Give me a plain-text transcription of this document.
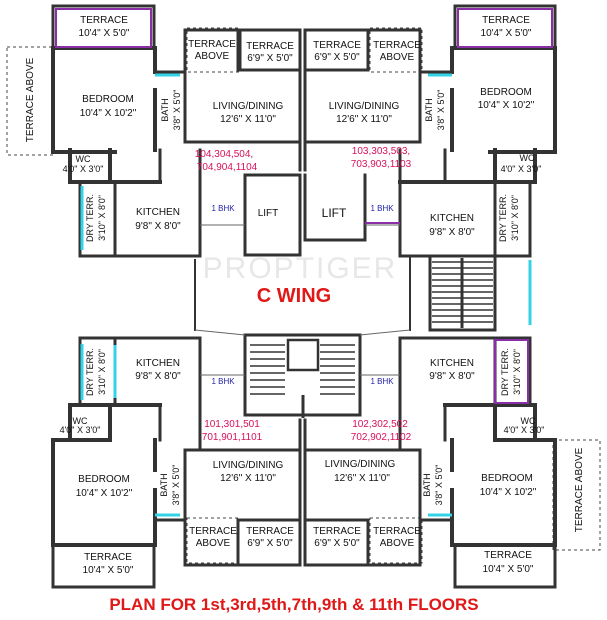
PROPTIGER
TERRACE
10'4" X 5'0"
TERRACE
10'4" X 5'0"
TERRACE
ABOVE
TERRACE
6'9" X 5'0"
TERRACE
6'9" X 5'0"
TERRACE
ABOVE
TERRACE ABOVE	BEDROOM
10'4" X 10'2"	BATH 3'8" X 5'0"	LIVING/DINING
12'6" X 11'0"
104,304,504,
704,904,1104
WC
4'0" X 3'0"
DRY TERR. 3'10" X 8'0"	KITCHEN
9'8" X 8'0"
1 BHK LIFT
BEDROOM
10'4" X 10'2"
BATH 3'8" X 5'0"
LIVING/DINING
12'6" X 11'0"
103,303,503,
703,903,1103
WC
4'0" X 3'0"
DRY TERR. 3'10" X 8'0"
KITCHEN
9'8" X 8'0"
1 BHK
LIFT
C WING
DRY TERR. 3'10" X 8'0"	KITCHEN
9'8" X 8'0"	1 BHK
WC
4'0" X 3'0"	101,301,501
701,901,1101
BEDROOM
10'4" X 10'2"	BATH 3'8" X 5'0"	LIVING/DINING
12'6" X 11'0"
TERRACE
ABOVE
TERRACE
6'9" X 5'0"
TERRACE
10'4" X 5'0"
KITCHEN
9'8" X 8'0"	DRY TERR. 3'10" X 8'0"
1 BHK
102,302,502
702,902,1102
WC
4'0" X 3'0"
LIVING/DINING
12'6" X 11'0"	BATH 3'8" X 5'0"	BEDROOM
10'4" X 10'2"	TERRACE ABOVE
TERRACE
6'9" X 5'0"
TERRACE
ABOVE
TERRACE
10'4" X 5'0"
PLAN FOR 1st,3rd,5th,7th,9th & 11th FLOORS
